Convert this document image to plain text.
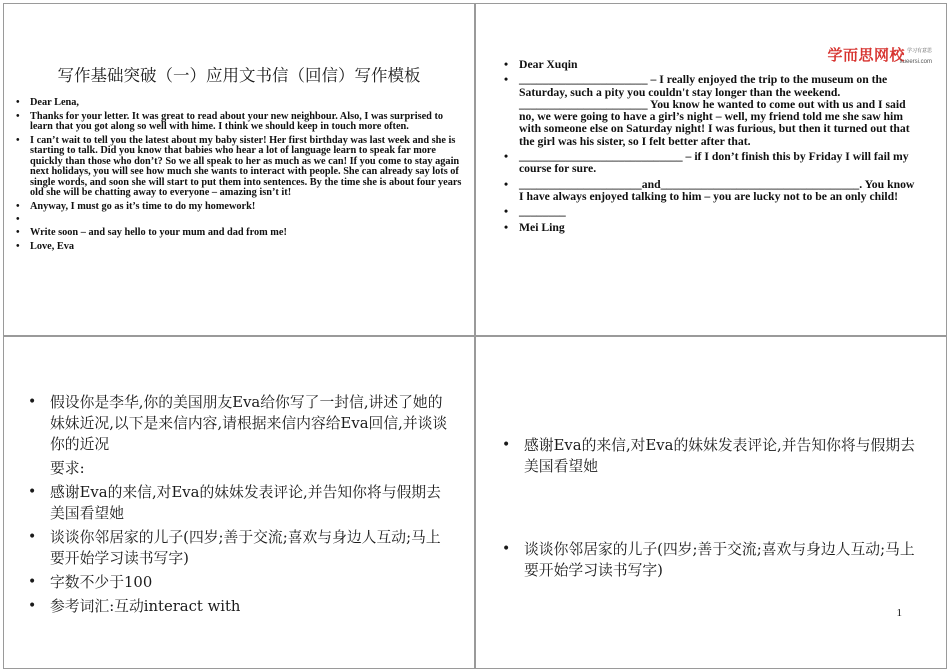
写作基础突破（一）应用文书信（回信）写作模板
• Dear Lena,
• Thanks for your letter. It was great to read about your new neighbour. Also, I was surprised to learn that you got along so well with hime. I think we should keep in touch more often.
• I can’t wait to tell you the latest about my baby sister! Her first birthday was last week and she is starting to talk. Did you know that babies who hear a lot of language learn to speak far more quickly than those who don’t? So we all speak to her as much as we can! If you come to stay again next holidays, you will see how much she wants to interact with people. She can already say lots of single words, and soon she will start to put them into sentences. By the time she is about four years old she will be chatting away to everyone – amazing isn’t it!
• Anyway, I must go as it’s time to do my homework!
•
• Write soon – and say hello to your mum and dad from me!
• Love, Eva
学而思网校 学习有意思
xueersi.com
• Dear Xuqin
• ______________________ – I really enjoyed the trip to the museum on the Saturday, such a pity you couldn't stay longer than the weekend. ______________________ You know he wanted to come out with us and I said no, we were going to have a girl’s night – well, my friend told me she saw him with someone else on Saturday night! I was furious, but then it turned out that the girl was his sister, so I felt better after that.
• ____________________________ – if I don’t finish this by Friday I will fail my course for sure.
• _____________________and__________________________________. You know I have always enjoyed talking to him – you are lucky not to be an only child!
• ________
• Mei Ling
• 假设你是李华,你的美国朋友Eva给你写了一封信,讲述了她的妹妹近况,以下是来信内容,请根据来信内容给Eva回信,并谈谈你的近况
要求:
• 感谢Eva的来信,对Eva的妹妹发表评论,并告知你将与假期去美国看望她
• 谈谈你邻居家的儿子(四岁;善于交流;喜欢与身边人互动;马上要开始学习读书写字)
• 字数不少于100
• 参考词汇:互动interact with
• 感谢Eva的来信,对Eva的妹妹发表评论,并告知你将与假期去美国看望她
• 谈谈你邻居家的儿子(四岁;善于交流;喜欢与身边人互动;马上要开始学习读书写字)
1
